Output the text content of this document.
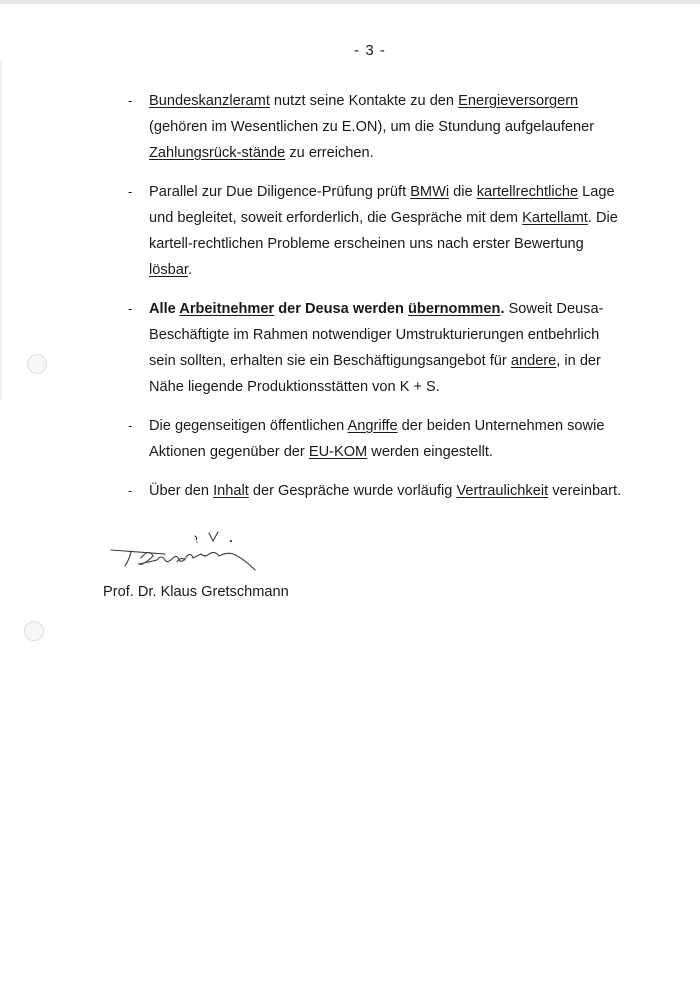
- 3 -
- Bundeskanzleramt nutzt seine Kontakte zu den Energieversorgern (gehören im Wesentlichen zu E.ON), um die Stundung aufgelaufener Zahlungsrück-stände zu erreichen.
- Parallel zur Due Diligence-Prüfung prüft BMWi die kartellrechtliche Lage und begleitet, soweit erforderlich, die Gespräche mit dem Kartellamt. Die kartell-rechtlichen Probleme erscheinen uns nach erster Bewertung lösbar.
- Alle Arbeitnehmer der Deusa werden übernommen. Soweit Deusa-Beschäftigte im Rahmen notwendiger Umstrukturierungen entbehrlich sein sollten, erhalten sie ein Beschäftigungsangebot für andere, in der Nähe liegende Produktionsstätten von K + S.
- Die gegenseitigen öffentlichen Angriffe der beiden Unternehmen sowie Aktionen gegenüber der EU-KOM werden eingestellt.
- Über den Inhalt der Gespräche wurde vorläufig Vertraulichkeit vereinbart.
Prof. Dr. Klaus Gretschmann
